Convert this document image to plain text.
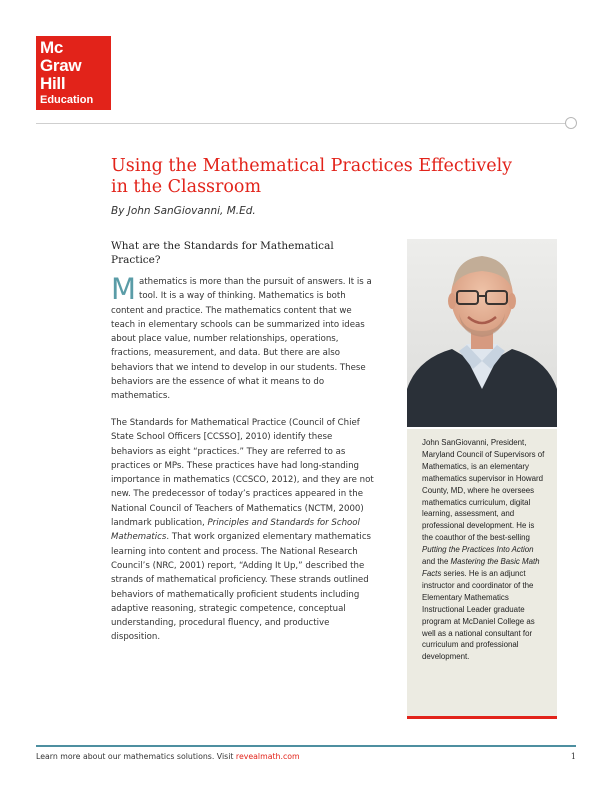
Mc
Graw
Hill
Education
Using the Mathematical Practices Effectively in the Classroom
By John SanGiovanni, M.Ed.
What are the Standards for Mathematical Practice?

Mathematics is more than the pursuit of answers. It is a tool. It is a way of thinking. Mathematics is both content and practice. The mathematics content that we teach in elementary schools can be summarized into ideas about place value, number relationships, operations, fractions, measurement, and data. But there are also behaviors that we intend to develop in our students. These behaviors are the essence of what it means to do mathematics.

The Standards for Mathematical Practice (Council of Chief State School Officers [CCSSO], 2010) identify these behaviors as eight “practices.” They are referred to as practices or MPs. These practices have had long-standing importance in mathematics (CCSCO, 2012), and they are not new. The predecessor of today’s practices appeared in the National Council of Teachers of Mathematics (NCTM, 2000) landmark publication, Principles and Standards for School Mathematics. That work organized elementary mathematics learning into content and process. The National Research Council’s (NRC, 2001) report, “Adding It Up,” described the strands of mathematical proficiency. These strands outlined behaviors of mathematically proficient students including adaptive reasoning, strategic competence, conceptual understanding, procedural fluency, and productive disposition.

John SanGiovanni, President, Maryland Council of Supervisors of Mathematics, is an elementary mathematics supervisor in Howard County, MD, where he oversees mathematics curriculum, digital learning, assessment, and professional development. He is the coauthor of the best-selling Putting the Practices Into Action and the Mastering the Basic Math Facts series. He is an adjunct instructor and coordinator of the Elementary Mathematics Instructional Leader graduate program at McDaniel College as well as a national consultant for curriculum and professional development.

Learn more about our mathematics solutions. Visit revealmath.com	1
